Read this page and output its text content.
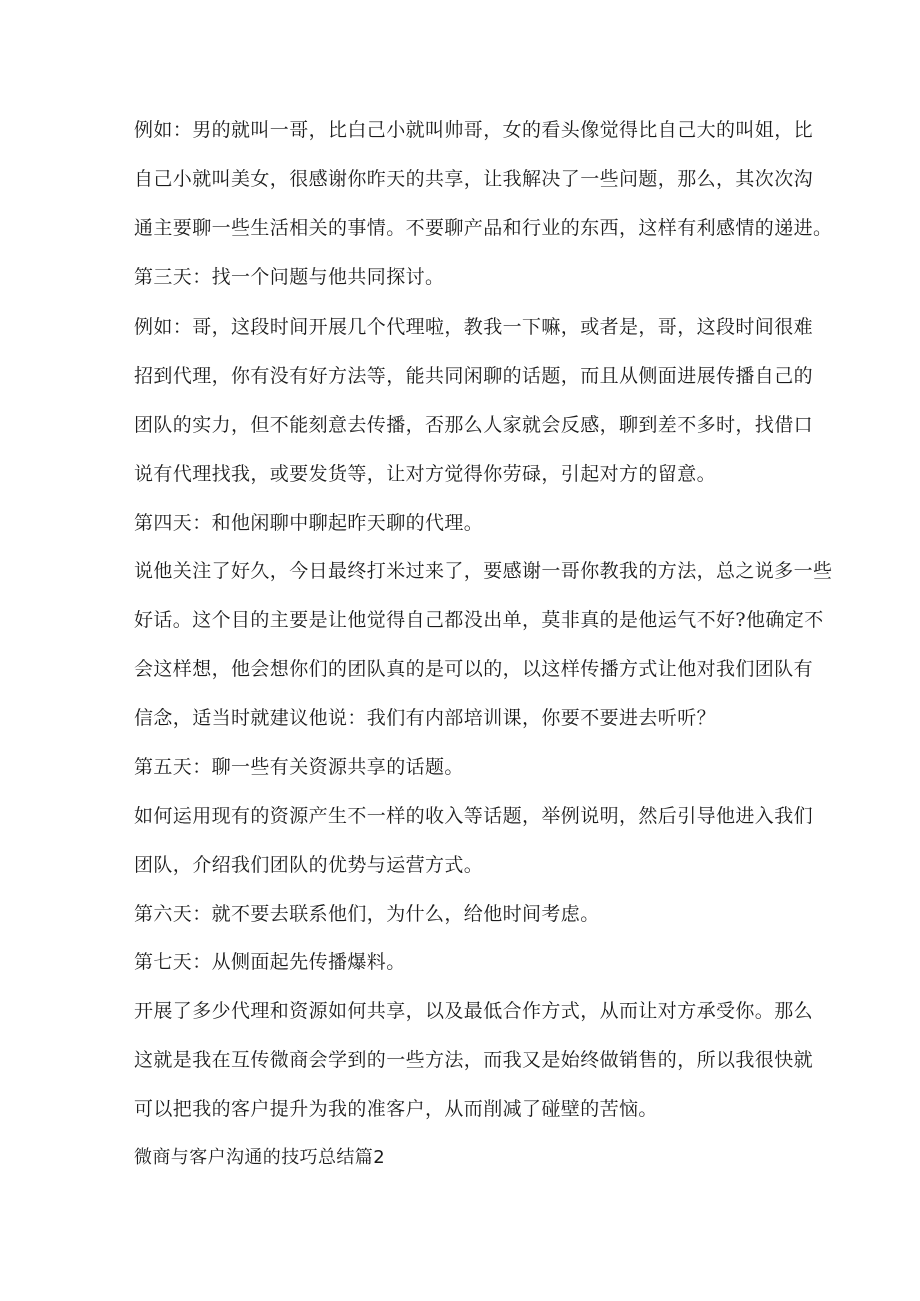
例如：男的就叫一哥，比白己小就叫帅哥，女的看头像觉得比自己大的叫姐，比
自己小就叫美女，很感谢你昨天的共享，让我解决了一些问题，那么，其次次沟
通主要聊一些生活相关的事情。不要聊产品和行业的东西，这样有利感情的递进。
第三天：找一个问题与他共同探讨。
例如：哥，这段时间开展几个代理啦，教我一下嘛，或者是，哥，这段时间很难
招到代理，你有没有好方法等，能共同闲聊的话题，而且从侧面进展传播自己的
团队的实力，但不能刻意去传播，否那么人家就会反感，聊到差不多时，找借口
说有代理找我，或要发货等，让对方觉得你劳碌，引起对方的留意。
第四天：和他闲聊中聊起昨天聊的代理。
说他关注了好久，今日最终打米过来了，要感谢一哥你教我的方法，总之说多一些
好话。这个目的主要是让他觉得自己都没出单，莫非真的是他运气不好?他确定不
会这样想，他会想你们的团队真的是可以的，以这样传播方式让他对我们团队有
信念，适当时就建议他说：我们有内部培训课，你要不要进去听听？
第五天：聊一些有关资源共享的话题。
如何运用现有的资源产生不一样的收入等话题，举例说明，然后引导他进入我们
团队，介绍我们团队的优势与运营方式。
第六天：就不要去联系他们，为什么，给他时间考虑。
第七天：从侧面起先传播爆料。
开展了多少代理和资源如何共享，以及最低合作方式，从而让对方承受你。那么
这就是我在互传微商会学到的一些方法，而我又是始终做销售的，所以我很快就
可以把我的客户提升为我的准客户，从而削减了碰壁的苦恼。
微商与客户沟通的技巧总结篇2
